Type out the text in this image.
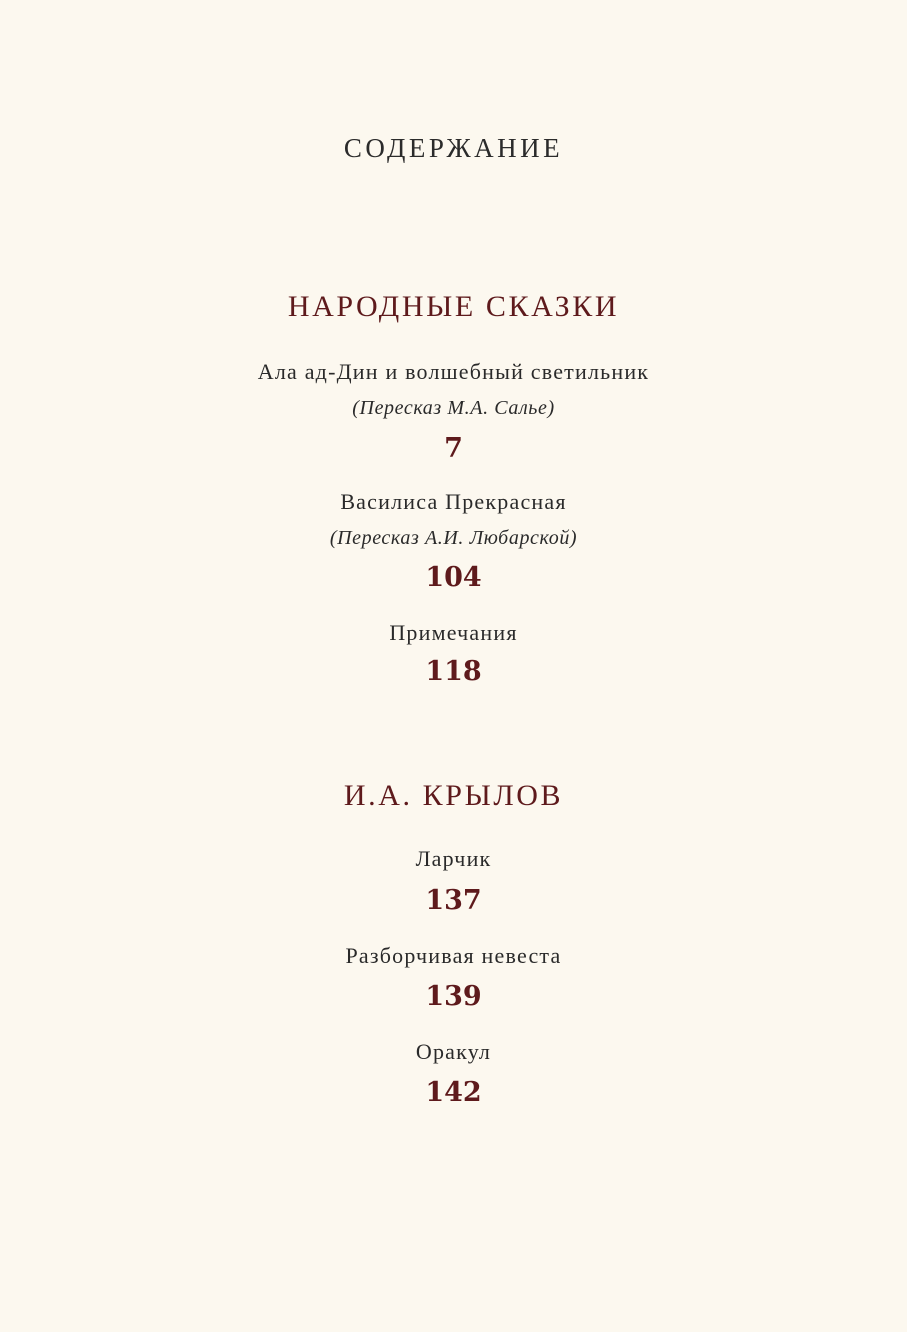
СОДЕРЖАНИЕ
НАРОДНЫЕ СКАЗКИ
Ала ад-Дин и волшебный светильник
(Пересказ М.А. Салье)
7
Василиса Прекрасная
(Пересказ А.И. Любарской)
104
Примечания
118
И.А. КРЫЛОВ
Ларчик
137
Разборчивая невеста
139
Оракул
142
